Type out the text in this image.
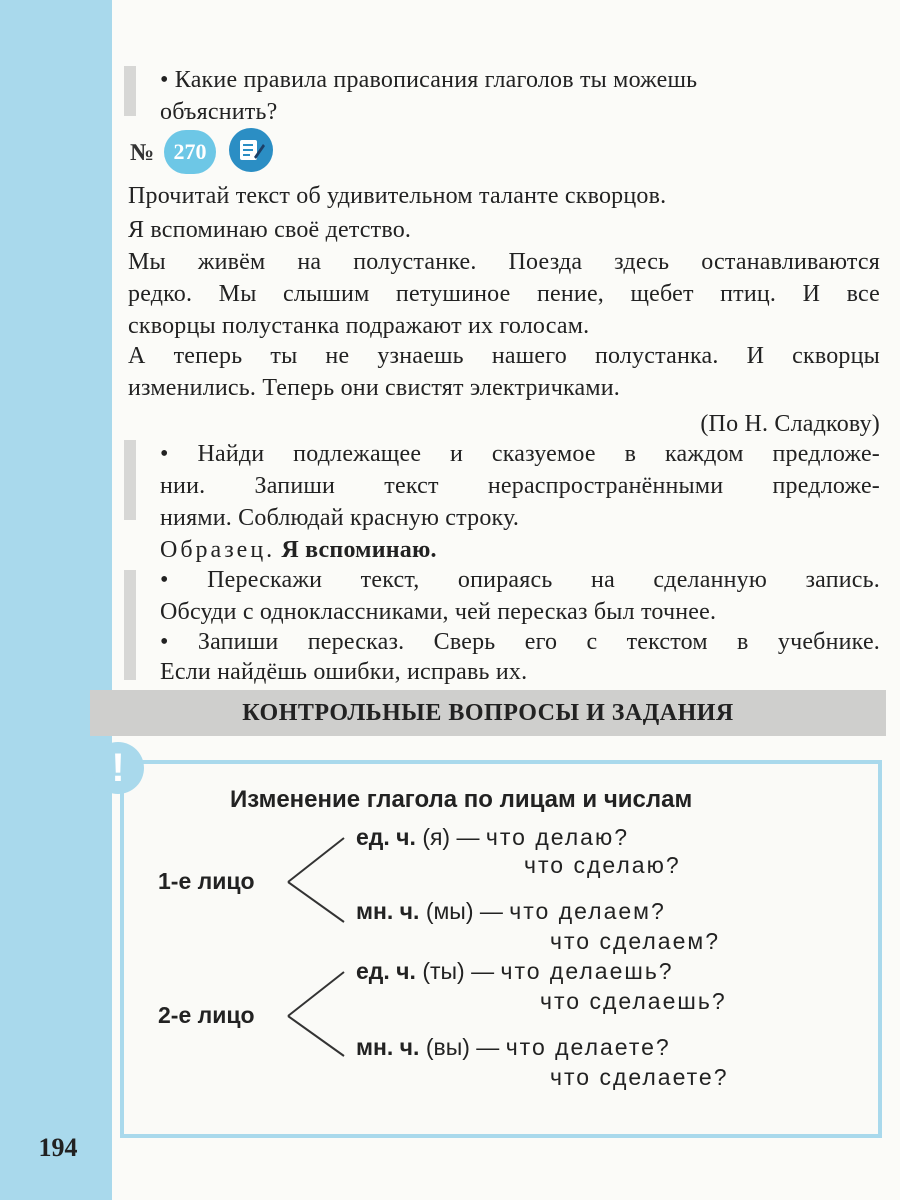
• Какие правила правописания глаголов ты можешь
объяснить?
№ 270
Прочитай текст об удивительном таланте скворцов.
Я вспоминаю своё детство.
Мы живём на полустанке. Поезда здесь останавливаются
редко. Мы слышим петушиное пение, щебет птиц. И все
скворцы полустанка подражают их голосам.
А теперь ты не узнаешь нашего полустанка. И скворцы
изменились. Теперь они свистят электричками.
(По Н. Сладкову)
• Найди подлежащее и сказуемое в каждом предложе-
нии. Запиши текст нераспространёнными предложе-
ниями. Соблюдай красную строку.
Образец. Я вспоминаю.
• Перескажи текст, опираясь на сделанную запись.
Обсуди с одноклассниками, чей пересказ был точнее.
• Запиши пересказ. Сверь его с текстом в учебнике.
Если найдёшь ошибки, исправь их.
КОНТРОЛЬНЫЕ ВОПРОСЫ И ЗАДАНИЯ
!
Изменение глагола по лицам и числам
1-е лицо
ед. ч. (я) — что делаю?
что сделаю?
мн. ч. (мы) — что делаем?
что сделаем?
2-е лицо
ед. ч. (ты) — что делаешь?
что сделаешь?
мн. ч. (вы) — что делаете?
что сделаете?
194
